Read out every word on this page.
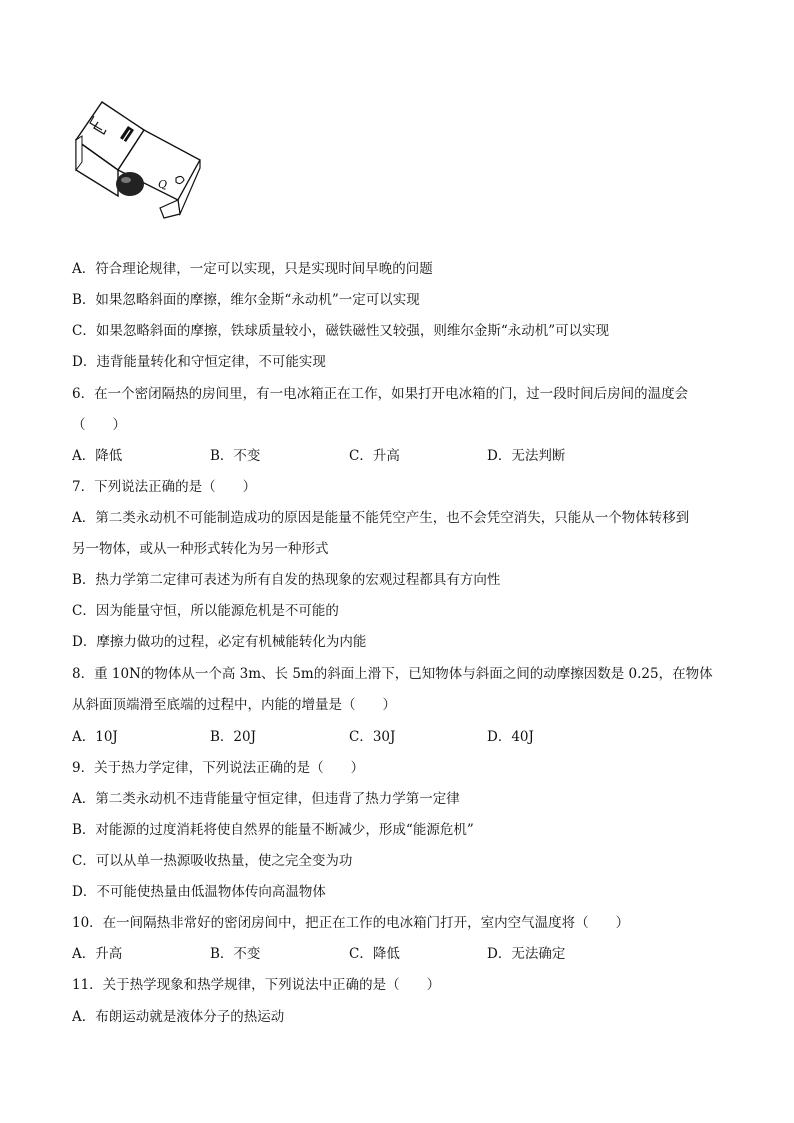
Q
A．符合理论规律，一定可以实现，只是实现时间早晚的问题
B．如果忽略斜面的摩擦，维尔金斯“永动机”一定可以实现
C．如果忽略斜面的摩擦，铁球质量较小，磁铁磁性又较强，则维尔金斯“永动机”可以实现
D．违背能量转化和守恒定律，不可能实现
6．在一个密闭隔热的房间里，有一电冰箱正在工作，如果打开电冰箱的门，过一段时间后房间的温度会
（　　）
A．降低	B．不变	C．升高	D．无法判断
7．下列说法正确的是（　　）
A．第二类永动机不可能制造成功的原因是能量不能凭空产生，也不会凭空消失，只能从一个物体转移到
另一物体，或从一种形式转化为另一种形式
B．热力学第二定律可表述为所有自发的热现象的宏观过程都具有方向性
C．因为能量守恒，所以能源危机是不可能的
D．摩擦力做功的过程，必定有机械能转化为内能
8．重 10N的物体从一个高 3m、长 5m的斜面上滑下，已知物体与斜面之间的动摩擦因数是 0.25，在物体
从斜面顶端滑至底端的过程中，内能的增量是（　　）
A．10J	B．20J	C．30J	D．40J
9．关于热力学定律，下列说法正确的是（　　）
A．第二类永动机不违背能量守恒定律，但违背了热力学第一定律
B．对能源的过度消耗将使自然界的能量不断减少，形成“能源危机”
C．可以从单一热源吸收热量，使之完全变为功
D．不可能使热量由低温物体传向高温物体
10．在一间隔热非常好的密闭房间中，把正在工作的电冰箱门打开，室内空气温度将（　　）
A．升高	B．不变	C．降低	D．无法确定
11．关于热学现象和热学规律，下列说法中正确的是（　　）
A．布朗运动就是液体分子的热运动
